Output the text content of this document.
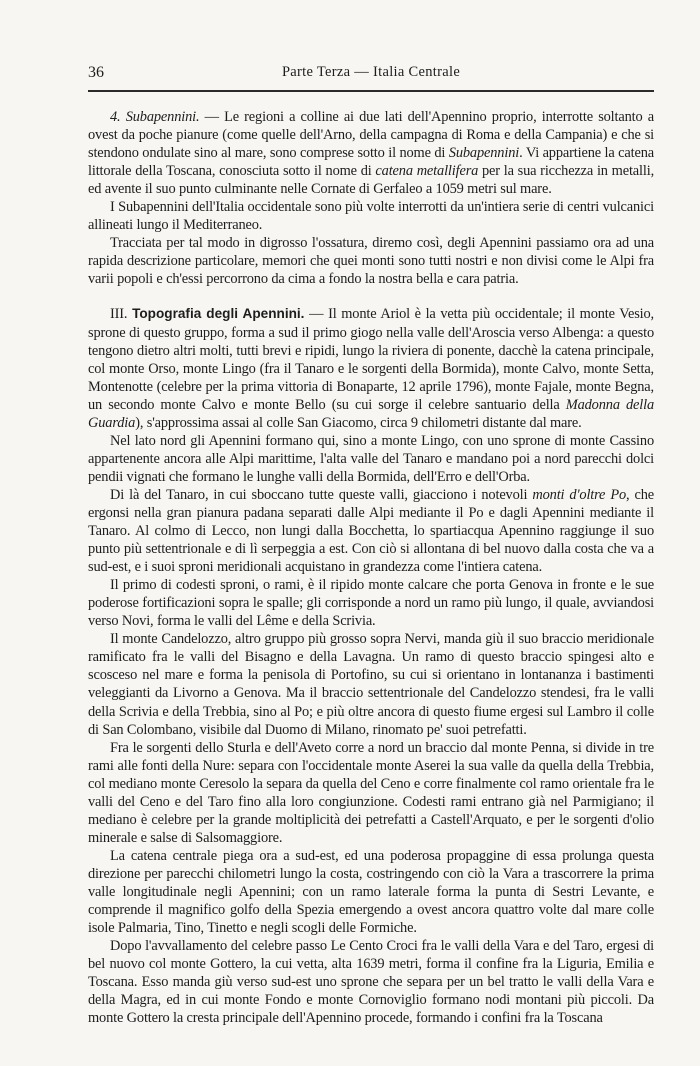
36	Parte Terza — Italia Centrale

4. Subapennini. — Le regioni a colline ai due lati dell'Apennino proprio, interrotte soltanto a ovest da poche pianure (come quelle dell'Arno, della campagna di Roma e della Campania) e che si stendono ondulate sino al mare, sono comprese sotto il nome di Subapennini. Vi appartiene la catena littorale della Toscana, conosciuta sotto il nome di catena metallifera per la sua ricchezza in metalli, ed avente il suo punto culminante nelle Cornate di Gerfaleo a 1059 metri sul mare.

I Subapennini dell'Italia occidentale sono più volte interrotti da un'intiera serie di centri vulcanici allineati lungo il Mediterraneo.

Tracciata per tal modo in digrosso l'ossatura, diremo così, degli Apennini passiamo ora ad una rapida descrizione particolare, memori che quei monti sono tutti nostri e non divisi come le Alpi fra varii popoli e ch'essi percorrono da cima a fondo la nostra bella e cara patria.

III. Topografia degli Apennini. — Il monte Ariol è la vetta più occidentale; il monte Vesio, sprone di questo gruppo, forma a sud il primo giogo nella valle dell'Aroscia verso Albenga: a questo tengono dietro altri molti, tutti brevi e ripidi, lungo la riviera di ponente, dacchè la catena principale, col monte Orso, monte Lingo (fra il Tanaro e le sorgenti della Bormida), monte Calvo, monte Setta, Montenotte (celebre per la prima vittoria di Bonaparte, 12 aprile 1796), monte Fajale, monte Begna, un secondo monte Calvo e monte Bello (su cui sorge il celebre santuario della Madonna della Guardia), s'approssima assai al colle San Giacomo, circa 9 chilometri distante dal mare.

Nel lato nord gli Apennini formano qui, sino a monte Lingo, con uno sprone di monte Cassino appartenente ancora alle Alpi marittime, l'alta valle del Tanaro e mandano poi a nord parecchi dolci pendii vignati che formano le lunghe valli della Bormida, dell'Erro e dell'Orba.

Di là del Tanaro, in cui sboccano tutte queste valli, giacciono i notevoli monti d'oltre Po, che ergonsi nella gran pianura padana separati dalle Alpi mediante il Po e dagli Apennini mediante il Tanaro. Al colmo di Lecco, non lungi dalla Bocchetta, lo spartiacqua Apennino raggiunge il suo punto più settentrionale e di lì serpeggia a est. Con ciò si allontana di bel nuovo dalla costa che va a sud-est, e i suoi sproni meridionali acquistano in grandezza come l'intiera catena.

Il primo di codesti sproni, o rami, è il ripido monte calcare che porta Genova in fronte e le sue poderose fortificazioni sopra le spalle; gli corrisponde a nord un ramo più lungo, il quale, avviandosi verso Novi, forma le valli del Lême e della Scrivia.

Il monte Candelozzo, altro gruppo più grosso sopra Nervi, manda giù il suo braccio meridionale ramificato fra le valli del Bisagno e della Lavagna. Un ramo di questo braccio spingesi alto e scosceso nel mare e forma la penisola di Portofino, su cui si orientano in lontananza i bastimenti veleggianti da Livorno a Genova. Ma il braccio settentrionale del Candelozzo stendesi, fra le valli della Scrivia e della Trebbia, sino al Po; e più oltre ancora di questo fiume ergesi sul Lambro il colle di San Colombano, visibile dal Duomo di Milano, rinomato pe' suoi petrefatti.

Fra le sorgenti dello Sturla e dell'Aveto corre a nord un braccio dal monte Penna, si divide in tre rami alle fonti della Nure: separa con l'occidentale monte Aserei la sua valle da quella della Trebbia, col mediano monte Ceresolo la separa da quella del Ceno e corre finalmente col ramo orientale fra le valli del Ceno e del Taro fino alla loro congiunzione. Codesti rami entrano già nel Parmigiano; il mediano è celebre per la grande moltiplicità dei petrefatti a Castell'Arquato, e per le sorgenti d'olio minerale e salse di Salsomaggiore.

La catena centrale piega ora a sud-est, ed una poderosa propaggine di essa prolunga questa direzione per parecchi chilometri lungo la costa, costringendo con ciò la Vara a trascorrere la prima valle longitudinale negli Apennini; con un ramo laterale forma la punta di Sestri Levante, e comprende il magnifico golfo della Spezia emergendo a ovest ancora quattro volte dal mare colle isole Palmaria, Tino, Tinetto e negli scogli delle Formiche.

Dopo l'avvallamento del celebre passo Le Cento Croci fra le valli della Vara e del Taro, ergesi di bel nuovo col monte Gottero, la cui vetta, alta 1639 metri, forma il confine fra la Liguria, Emilia e Toscana. Esso manda giù verso sud-est uno sprone che separa per un bel tratto le valli della Vara e della Magra, ed in cui monte Fondo e monte Cornoviglio formano nodi montani più piccoli. Da monte Gottero la cresta principale dell'Apennino procede, formando i confini fra la Toscana
